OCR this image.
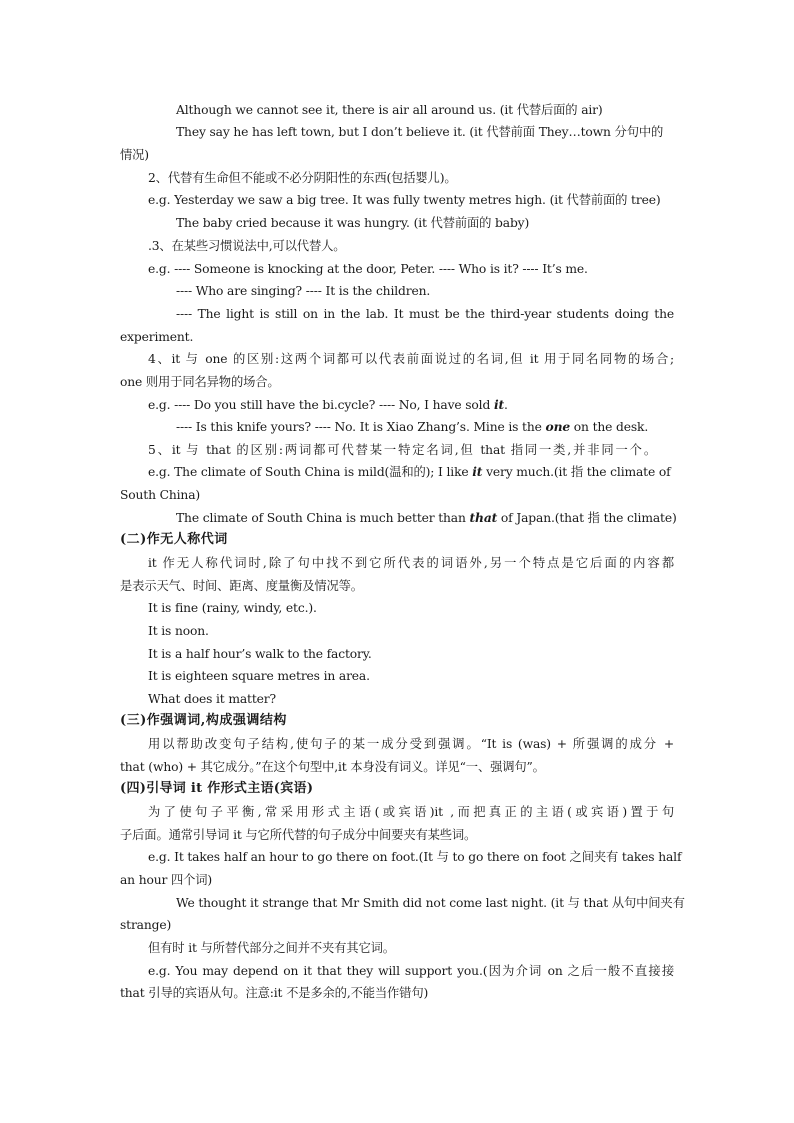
Although we cannot see it, there is air all around us. (it 代替后面的 air)
They say he has left town, but I don’t believe it. (it 代替前面 They…town 分句中的
情况)
2、代替有生命但不能或不必分阴阳性的东西(包括婴儿)。
e.g. Yesterday we saw a big tree. It was fully twenty metres high. (it 代替前面的 tree)
The baby cried because it was hungry. (it 代替前面的 baby)
.3、在某些习惯说法中,可以代替人。
e.g. ---- Someone is knocking at the door, Peter. ---- Who is it? ---- It’s me.
---- Who are singing? ---- It is the children.
---- The light is still on in the lab. It must be the third-year students doing the
experiment.
4、it 与 one 的区别:这两个词都可以代表前面说过的名词,但 it 用于同名同物的场合;
one 则用于同名异物的场合。
e.g. ---- Do you still have the bi.cycle? ---- No, I have sold it.
---- Is this knife yours? ---- No. It is Xiao Zhang’s. Mine is the one on the desk.
5、it 与 that 的区别:两词都可代替某一特定名词,但 that 指同一类,并非同一个。
e.g. The climate of South China is mild(温和的); I like it very much.(it 指 the climate of
South China)
The climate of South China is much better than that of Japan.(that 指 the climate)
(二)作无人称代词
it 作无人称代词时,除了句中找不到它所代表的词语外,另一个特点是它后面的内容都
是表示天气、时间、距离、度量衡及情况等。
It is fine (rainy, windy, etc.).
It is noon.
It is a half hour’s walk to the factory.
It is eighteen square metres in area.
What does it matter?
(三)作强调词,构成强调结构
用以帮助改变句子结构,使句子的某一成分受到强调。“It is (was) + 所强调的成分 +
that (who) + 其它成分。”在这个句型中,it 本身没有词义。详见“一、强调句”。
(四)引导词 it 作形式主语(宾语)
为了使句子平衡,常采用形式主语(或宾语)it ,而把真正的主语(或宾语)置于句
子后面。通常引导词 it 与它所代替的句子成分中间要夹有某些词。
e.g. It takes half an hour to go there on foot.(It 与 to go there on foot 之间夹有 takes half
an hour 四个词)
We thought it strange that Mr Smith did not come last night. (it 与 that 从句中间夹有
strange)
但有时 it 与所替代部分之间并不夹有其它词。
e.g. You may depend on it that they will support you.(因为介词 on 之后一般不直接接
that 引导的宾语从句。注意:it 不是多余的,不能当作错句)
